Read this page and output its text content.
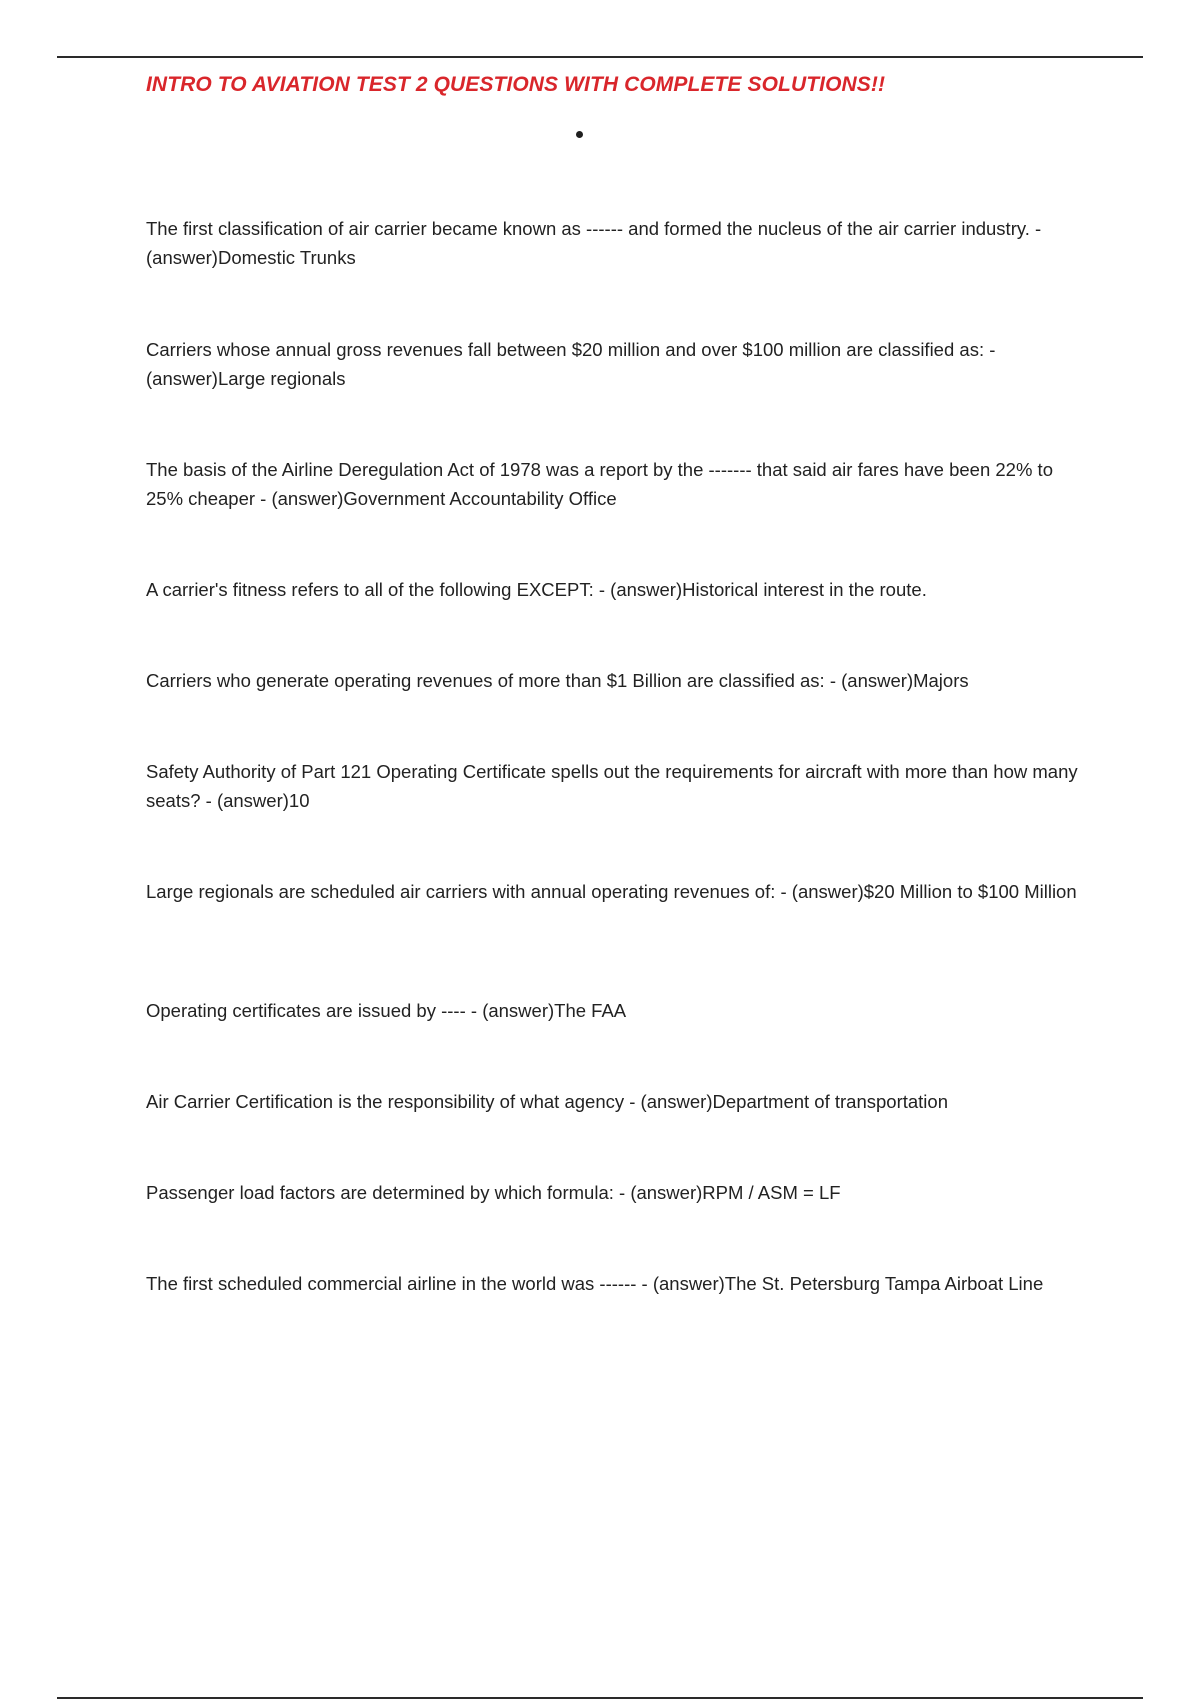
INTRO TO AVIATION TEST 2 QUESTIONS WITH COMPLETE SOLUTIONS!!

The first classification of air carrier became known as ------ and formed the nucleus of the air carrier industry. - (answer)Domestic Trunks

Carriers whose annual gross revenues fall between $20 million and over $100 million are classified as: - (answer)Large regionals

The basis of the Airline Deregulation Act of 1978 was a report by the ------- that said air fares have been 22% to 25% cheaper - (answer)Government Accountability Office

A carrier's fitness refers to all of the following EXCEPT: - (answer)Historical interest in the route.

Carriers who generate operating revenues of more than $1 Billion are classified as: - (answer)Majors

Safety Authority of Part 121 Operating Certificate spells out the requirements for aircraft with more than how many seats? - (answer)10

Large regionals are scheduled air carriers with annual operating revenues of: - (answer)$20 Million to $100 Million

Operating certificates are issued by ---- - (answer)The FAA

Air Carrier Certification is the responsibility of what agency - (answer)Department of transportation

Passenger load factors are determined by which formula: - (answer)RPM / ASM = LF

The first scheduled commercial airline in the world was ------ - (answer)The St. Petersburg Tampa Airboat Line
